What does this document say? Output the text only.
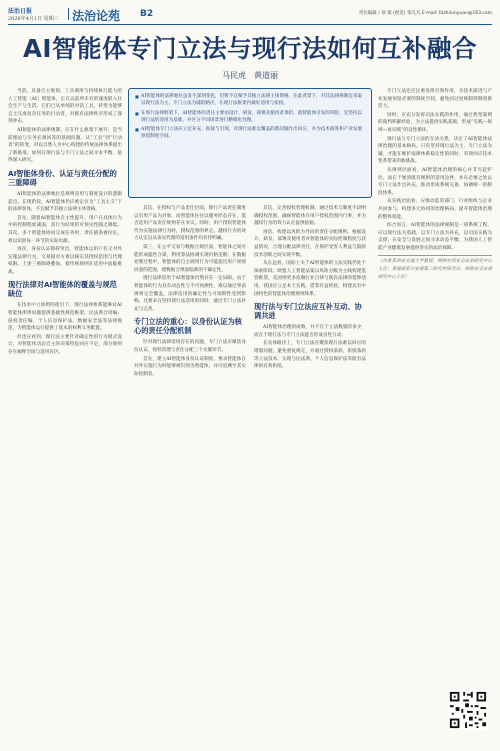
法治日报
2026年4月1日 星期三 法治论苑 B2	责任编辑 / 徐 斌 (视觉) 邹凡凡 E-mail: fazhilunyuan@163.com
AI智能体专门立法与现行法如何互补融合
马民虎　黄道丽
■ AI智能体的法律地位虽发生深刻变化，但暂不宜赋予其独立法律主体资格。在此背景下，对其法律规制宜采取以现行法为主、专门立法为辅的路径，在现行法框架内做好适用与衔接。
■ 在现行法律框架下，AI智能体的责任主要由设计、研发、部署及使用者承担。就智能体引发的风险，宜坚持以现行法的适用为基础，并区分不同场景进行精细化处理。
■ AI智能体专门立法应立足补充、衔接与引领，对现行法难以覆盖的新问题作出回应，并为技术演进和产业发展预留制度空间。

当前，具备自主规划、工具调用与持续执行能力的人工智能（AI）智能体，正在以前所未有的速度嵌入社会生产与生活。它们已从单纯的对话工具，转变为能够自主完成复杂任务的行动者，对既有法律秩序形成了深刻冲击。

AI智能体的法律规制，应在什么框架下展开，是当前理论与实务必须回答的基础问题。从“工具”到“行动者”的转变，对以自然人为中心构建的传统法律体系提出了新挑战，如何在现行法与专门立法之间寻求平衡，值得深入研究。

AI智能体身份、认证与责任分配的三重障碍

AI智能体的法律地位是规则适用与制度设计的逻辑起点。在现阶段，AI智能体仍应被定位为“工具主义”下的法律客体，不宜赋予其独立法律主体资格。

首先，随着AI智能体自主性提升，用户在具体行为中的控制程度减弱，其行为结果的可预见性随之降低。其次，多个智能体协同完成任务时，责任链条被拉长，难以识别每一环节的实际贡献。

再次，身份认证障碍突出。智能体以用户名义对外实施法律行为，交易相对方难以核实其授权范围与代理权限。上述三重障碍叠加，使传统规则在适用中面临挑战。

现行法律对AI智能体的覆盖与规范缺位

在技术中立原则的指引下，现行法律体系能够对AI智能体所涉问题提供基础性规范框架。民法典合同编、侵权责任编，个人信息保护法、数据安全法等法律规范，为智能体运行提供了基本的权利义务配置。

但也应看到，现行法主要针对确定性的行为模式设计，对智能体动态自主的决策特征回应不足，部分规则存在解释空间与适用盲区。

其次，在授权与产品责任层面，现行产品责任制度以有形产品为对象，而智能体往往以服务形态存在，能否适用产品责任规则存在争议。同时，用户授权智能体代为实施法律行为时，授权范围的界定、越权行为的效力认定以及表见代理的适用条件均有待明确。

第三，在公平交易与数据合规层面，智能体之间可能形成隐性合谋，利用算法协调实现价格垄断；在数据处理过程中，智能体的自主调用行为可能超出用户知情同意的范围，使数据合规面临新的不确定性。

现行法律适用于AI智能体仍然存在一定局限。由于智能体的行为具有动态性与不可预测性，难以通过事前规则完全覆盖，法律适用的确定性与可预期性受到影响。这要求在坚持现行法适用的同时，通过专门立法补充与完善。

专门立法的重心：以身份认证为核心的责任分配机制

针对现行法律适用存在的问题，专门立法应聚焦身份认证、授权管理与责任分配三个关键环节。

首先，建立AI智能体身份认证制度。要求智能体在对外实施行为时能够被识别为智能体，并可追溯至其实际控制者。

其次，完善授权管理机制。通过技术与制度手段明确授权范围，确保智能体在用户授权范围内行事，并为越权行为的效力认定提供依据。

再次，构建以风险为导向的责任分配规则。根据设计、研发、部署及使用者对智能体的实际控制程度与获益情况，合理分配法律责任，在保护受害人利益与鼓励技术创新之间实现平衡。

从长远看，国际上关于AI智能体的立法实践仍处于探索阶段。欧盟人工智能法案以风险分级为主线构建监管框架，美国则更多依赖行业自律与既有法律的延伸适用。我国应立足本土实践，借鉴有益经验，构建具有中国特色的智能体治理规则体系。

现行法与专门立法应互补互动、协调共进

AI智能体治理的成败，并不在于立法数量的多少，而在于现行法与专门立法能否形成良性互动。

在具体路径上，专门立法应聚焦现行法难以回应的增量问题，避免重复规定，并通过授权条款、衔接条款等立法技术，实现与民法典、个人信息保护法等既有法律的有效衔接。

专门立法还应注重发挥引领作用，为技术演进与产业发展预留必要的制度空间，避免因过度规制抑制创新活力。

同时，应充分发挥司法实践的作用，通过典型案例的裁判积累经验，为立法提供实践基础，形成“实践—规则—再实践”的良性循环。

现行法与专门立法的互动关系，决定了AI智能体法律治理的基本格局。只有坚持现行法为主、专门立法为辅，才能在维护法律体系稳定性的同时，有效回应技术变革带来的新挑战。

从规则层面看，AI智能体治理的核心并非另起炉灶，而在于厘清既有规则的适用边界，并在必要之处以专门立法作出补充，推动形成系统完备、协调统一的制度体系。

从实践层面看，应推动监管部门、行业组织与企业共同参与，构建多元协同的治理格局，提升智能体治理的整体效能。

综合而言，AI智能体的法律规制是一项系统工程。应以现行法为基础，以专门立法为补充，以司法实践为支撑，在安全与发展之间寻求动态平衡，为我国人工智能产业健康发展提供坚实的法治保障。

（作者系西安交通大学教授、网络空间安全法治研究中心主任；黄道丽系公安部第三研究所研究员、网络安全法律研究中心主任）
